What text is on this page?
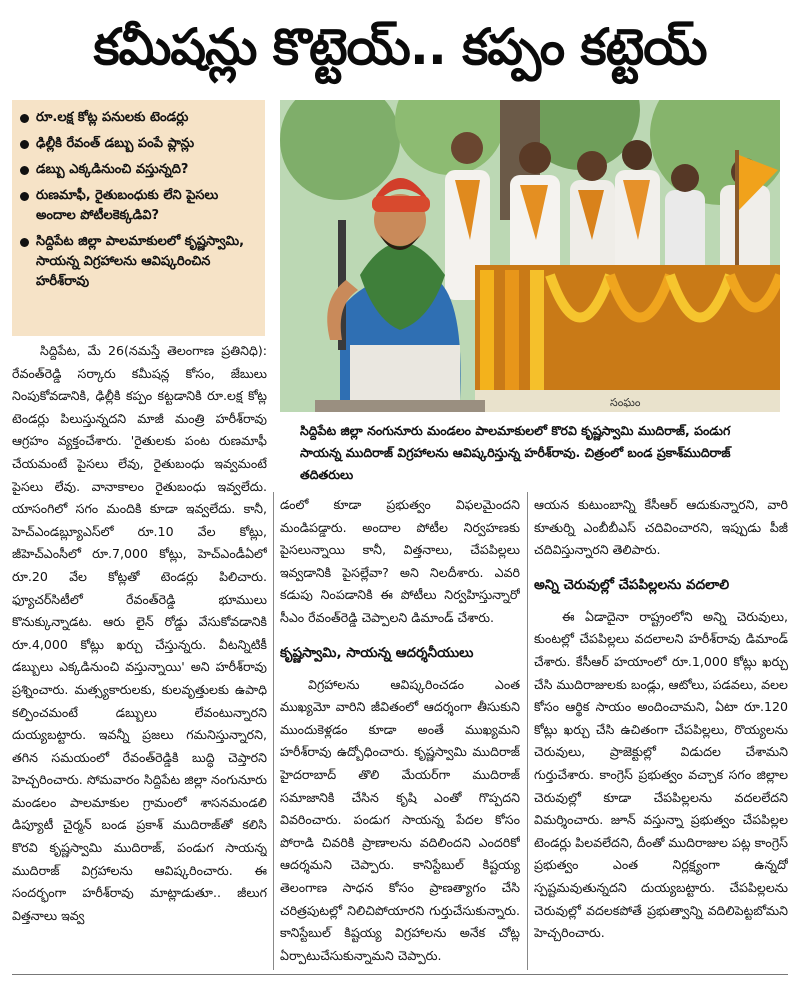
కమీషన్లు కొట్టెయ్.. కప్పం కట్టెయ్
రూ.లక్ష కోట్ల పనులకు టెండర్లు
ఢిల్లీకి రేవంత్ డబ్బు పంపే ప్లాన్లు
డబ్బు ఎక్కడినుంచి వస్తున్నది?
రుణమాఫీ, రైతుబంధుకు లేని పైసలు అందాల పోటీలకెక్కడివి?
సిద్దిపేట జిల్లా పాలమాకులలో కృష్ణస్వామి, సాయన్న విగ్రహాలను ఆవిష్కరించిన హరీశ్‌రావు
సంఘం
సిద్దిపేట జిల్లా నంగునూరు మండలం పాలమాకులలో కొరవి కృష్ణస్వామి ముదిరాజ్, పండుగ సాయన్న ముదిరాజ్ విగ్రహాలను ఆవిష్కరిస్తున్న హరీశ్‌రావు. చిత్రంలో బండ ప్రకాశ్‌ముదిరాజ్ తదితరులు

సిద్దిపేట, మే 26(నమస్తే తెలంగాణ ప్రతినిధి): రేవంత్‌రెడ్డి సర్కారు కమీషన్ల కోసం, జేబులు నింపుకోవడానికి, ఢిల్లీకి కప్పం కట్టడానికి రూ.లక్ష కోట్ల టెండర్లు పిలుస్తున్నదని మాజీ మంత్రి హరీశ్‌రావు ఆగ్రహం వ్యక్తంచేశారు. 'రైతులకు పంట రుణమాఫీ చేయమంటే పైసలు లేవు, రైతుబంధు ఇవ్వమంటే పైసలు లేవు. వానాకాలం రైతుబంధు ఇవ్వలేదు. యాసంగిలో సగం మందికి కూడా ఇవ్వలేదు. కానీ, హెచ్ఎండబ్ల్యూఎస్‌లో రూ.10 వేల కోట్లు, జీహెచ్ఎంసీలో రూ.7,000 కోట్లు, హెచ్ఎండీఏలో రూ.20 వేల కోట్లతో టెండర్లు పిలిచారు. ఫ్యూచర్‌సిటీలో రేవంత్‌రెడ్డి భూములు కొనుక్కున్నాడట. ఆరు లైన్ రోడ్డు వేసుకోవడానికి రూ.4,000 కోట్లు ఖర్చు చేస్తున్నరు. వీటన్నిటికీ డబ్బులు ఎక్కడినుంచి వస్తున్నాయి' అని హరీశ్‌రావు ప్రశ్నించారు. మత్స్యకారులకు, కులవృత్తులకు ఉపాధి కల్పించమంటే డబ్బులు లేవంటున్నారని దుయ్యబట్టారు. ఇవన్నీ ప్రజలు గమనిస్తున్నారని, తగిన సమయంలో రేవంత్‌రెడ్డికి బుద్ధి చెప్తారని హెచ్చరించారు. సోమవారం సిద్దిపేట జిల్లా నంగునూరు మండలం పాలమాకుల గ్రామంలో శాసనమండలి డిప్యూటీ చైర్మన్ బండ ప్రకాశ్ ముదిరాజ్‌తో కలిసి కొరవి కృష్ణస్వామి ముదిరాజ్, పండుగ సాయన్న ముదిరాజ్ విగ్రహాలను ఆవిష్కరించారు. ఈ సందర్భంగా హరీశ్‌రావు మాట్లాడుతూ.. జీలుగ విత్తనాలు ఇవ్వ

డంలో కూడా ప్రభుత్వం విఫలమైందని మండిపడ్డారు. అందాల పోటీల నిర్వహణకు పైసలున్నాయి కానీ, విత్తనాలు, చేపపిల్లలు ఇవ్వడానికి పైసల్లేవా? అని నిలదీశారు. ఎవరి కడుపు నింపడానికి ఈ పోటీలు నిర్వహిస్తున్నారో సీఎం రేవంత్‌రెడ్డి చెప్పాలని డిమాండ్ చేశారు.

కృష్ణస్వామి, సాయన్న ఆదర్శనీయులు

విగ్రహాలను ఆవిష్కరించడం ఎంత ముఖ్యమో వారిని జీవితంలో ఆదర్శంగా తీసుకుని ముందుకెళ్లడం కూడా అంతే ముఖ్యమని హరీశ్‌రావు ఉద్బోధించారు. కృష్ణస్వామి ముదిరాజ్ హైదరాబాద్ తొలి మేయర్‌గా ముదిరాజ్ సమాజానికి చేసిన కృషి ఎంతో గొప్పదని వివరించారు. పండుగ సాయన్న పేదల కోసం పోరాడి చివరికి ప్రాణాలను వదిలిందని ఎందరికో ఆదర్శమని చెప్పారు. కానిస్టేబుల్ కిష్టయ్య తెలంగాణ సాధన కోసం ప్రాణత్యాగం చేసి చరిత్రపుటల్లో నిలిచిపోయారని గుర్తుచేసుకున్నారు. కానిస్టేబుల్ కిష్టయ్య విగ్రహాలను అనేక చోట్ల ఏర్పాటుచేసుకున్నామని చెప్పారు.

ఆయన కుటుంబాన్ని కేసీఆర్ ఆదుకున్నారని, వారి కూతుర్ని ఎంబీబీఎస్ చదివించారని, ఇప్పుడు పీజీ చదివిస్తున్నారని తెలిపారు.

అన్ని చెరువుల్లో చేపపిల్లలను వదలాలి

ఈ ఏడాదైనా రాష్ట్రంలోని అన్ని చెరువులు, కుంటల్లో చేపపిల్లలు వదలాలని హరీశ్‌రావు డిమాండ్ చేశారు. కేసీఆర్ హయాంలో రూ.1,000 కోట్లు ఖర్చు చేసి ముదిరాజులకు బండ్లు, ఆటోలు, పడవలు, వలల కోసం ఆర్థిక సాయం అందించామని, ఏటా రూ.120 కోట్లు ఖర్చు చేసి ఉచితంగా చేపపిల్లలు, రొయ్యలను చెరువులు, ప్రాజెక్టుల్లో విడుదల చేశామని గుర్తుచేశారు. కాంగ్రెస్ ప్రభుత్వం వచ్చాక సగం జిల్లాల చెరువుల్లో కూడా చేపపిల్లలను వదలలేదని విమర్శించారు. జూన్ వస్తున్నా ప్రభుత్వం చేపపిల్లల టెండర్లు పిలవలేదని, దీంతో ముదిరాజుల పట్ల కాంగ్రెస్ ప్రభుత్వం ఎంత నిర్లక్ష్యంగా ఉన్నదో స్పష్టమవుతున్నదని దుయ్యబట్టారు. చేపపిల్లలను చెరువుల్లో వదలకపోతే ప్రభుత్వాన్ని వదిలిపెట్టబోమని హెచ్చరించారు.
